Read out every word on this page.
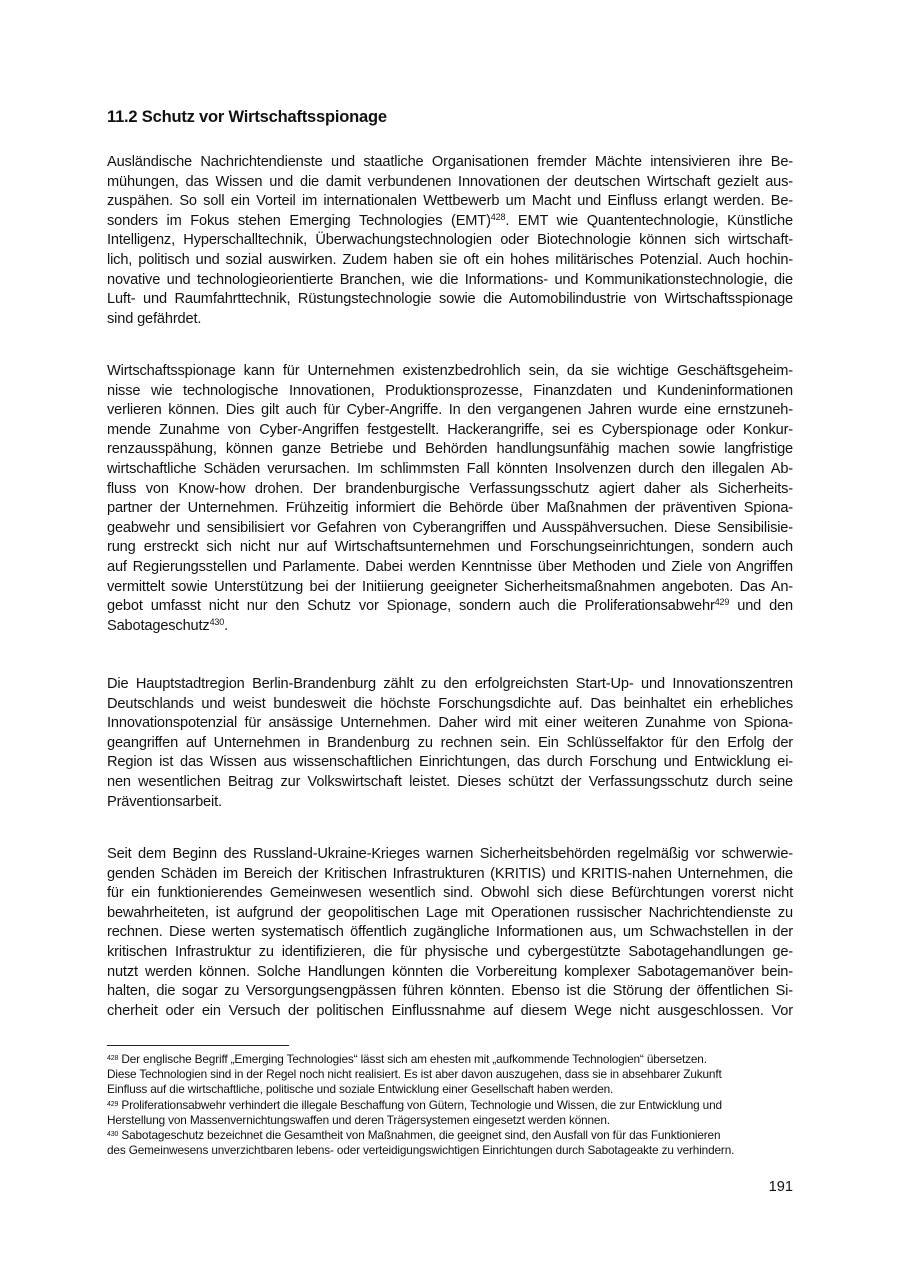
11.2 Schutz vor Wirtschaftsspionage
Ausländische Nachrichtendienste und staatliche Organisationen fremder Mächte intensivieren ihre Be-
mühungen, das Wissen und die damit verbundenen Innovationen der deutschen Wirtschaft gezielt aus-
zuspähen. So soll ein Vorteil im internationalen Wettbewerb um Macht und Einfluss erlangt werden. Be-
sonders im Fokus stehen Emerging Technologies (EMT)$^{428}$. EMT wie Quantentechnologie, Künstliche
Intelligenz, Hyperschalltechnik, Überwachungstechnologien oder Biotechnologie können sich wirtschaft-
lich, politisch und sozial auswirken. Zudem haben sie oft ein hohes militärisches Potenzial. Auch hochin-
novative und technologieorientierte Branchen, wie die Informations- und Kommunikationstechnologie, die
Luft- und Raumfahrttechnik, Rüstungstechnologie sowie die Automobilindustrie von Wirtschaftsspionage
sind gefährdet.
Wirtschaftsspionage kann für Unternehmen existenzbedrohlich sein, da sie wichtige Geschäftsgeheim-
nisse wie technologische Innovationen, Produktionsprozesse, Finanzdaten und Kundeninformationen
verlieren können. Dies gilt auch für Cyber-Angriffe. In den vergangenen Jahren wurde eine ernstzuneh-
mende Zunahme von Cyber-Angriffen festgestellt. Hackerangriffe, sei es Cyberspionage oder Konkur-
renzausspähung, können ganze Betriebe und Behörden handlungsunfähig machen sowie langfristige
wirtschaftliche Schäden verursachen. Im schlimmsten Fall könnten Insolvenzen durch den illegalen Ab-
fluss von Know-how drohen. Der brandenburgische Verfassungsschutz agiert daher als Sicherheits-
partner der Unternehmen. Frühzeitig informiert die Behörde über Maßnahmen der präventiven Spiona-
geabwehr und sensibilisiert vor Gefahren von Cyberangriffen und Ausspähversuchen. Diese Sensibilisie-
rung erstreckt sich nicht nur auf Wirtschaftsunternehmen und Forschungseinrichtungen, sondern auch
auf Regierungsstellen und Parlamente. Dabei werden Kenntnisse über Methoden und Ziele von Angriffen
vermittelt sowie Unterstützung bei der Initiierung geeigneter Sicherheitsmaßnahmen angeboten. Das An-
gebot umfasst nicht nur den Schutz vor Spionage, sondern auch die Proliferationsabwehr$^{429}$ und den
Sabotageschutz$^{430}$.
Die Hauptstadtregion Berlin-Brandenburg zählt zu den erfolgreichsten Start-Up- und Innovationszentren
Deutschlands und weist bundesweit die höchste Forschungsdichte auf. Das beinhaltet ein erhebliches
Innovationspotenzial für ansässige Unternehmen. Daher wird mit einer weiteren Zunahme von Spiona-
geangriffen auf Unternehmen in Brandenburg zu rechnen sein. Ein Schlüsselfaktor für den Erfolg der
Region ist das Wissen aus wissenschaftlichen Einrichtungen, das durch Forschung und Entwicklung ei-
nen wesentlichen Beitrag zur Volkswirtschaft leistet. Dieses schützt der Verfassungsschutz durch seine
Präventionsarbeit.
Seit dem Beginn des Russland-Ukraine-Krieges warnen Sicherheitsbehörden regelmäßig vor schwerwie-
genden Schäden im Bereich der Kritischen Infrastrukturen (KRITIS) und KRITIS-nahen Unternehmen, die
für ein funktionierendes Gemeinwesen wesentlich sind. Obwohl sich diese Befürchtungen vorerst nicht
bewahrheiteten, ist aufgrund der geopolitischen Lage mit Operationen russischer Nachrichtendienste zu
rechnen. Diese werten systematisch öffentlich zugängliche Informationen aus, um Schwachstellen in der
kritischen Infrastruktur zu identifizieren, die für physische und cybergestützte Sabotagehandlungen ge-
nutzt werden können. Solche Handlungen könnten die Vorbereitung komplexer Sabotagemanöver bein-
halten, die sogar zu Versorgungsengpässen führen könnten. Ebenso ist die Störung der öffentlichen Si-
cherheit oder ein Versuch der politischen Einflussnahme auf diesem Wege nicht ausgeschlossen. Vor
$^{428}$ Der englische Begriff „Emerging Technologies“ lässt sich am ehesten mit „aufkommende Technologien“ übersetzen.
Diese Technologien sind in der Regel noch nicht realisiert. Es ist aber davon auszugehen, dass sie in absehbarer Zukunft
Einfluss auf die wirtschaftliche, politische und soziale Entwicklung einer Gesellschaft haben werden.
$^{429}$ Proliferationsabwehr verhindert die illegale Beschaffung von Gütern, Technologie und Wissen, die zur Entwicklung und
Herstellung von Massenvernichtungswaffen und deren Trägersystemen eingesetzt werden können.
$^{430}$ Sabotageschutz bezeichnet die Gesamtheit von Maßnahmen, die geeignet sind, den Ausfall von für das Funktionieren
des Gemeinwesens unverzichtbaren lebens- oder verteidigungswichtigen Einrichtungen durch Sabotageakte zu verhindern.
191
